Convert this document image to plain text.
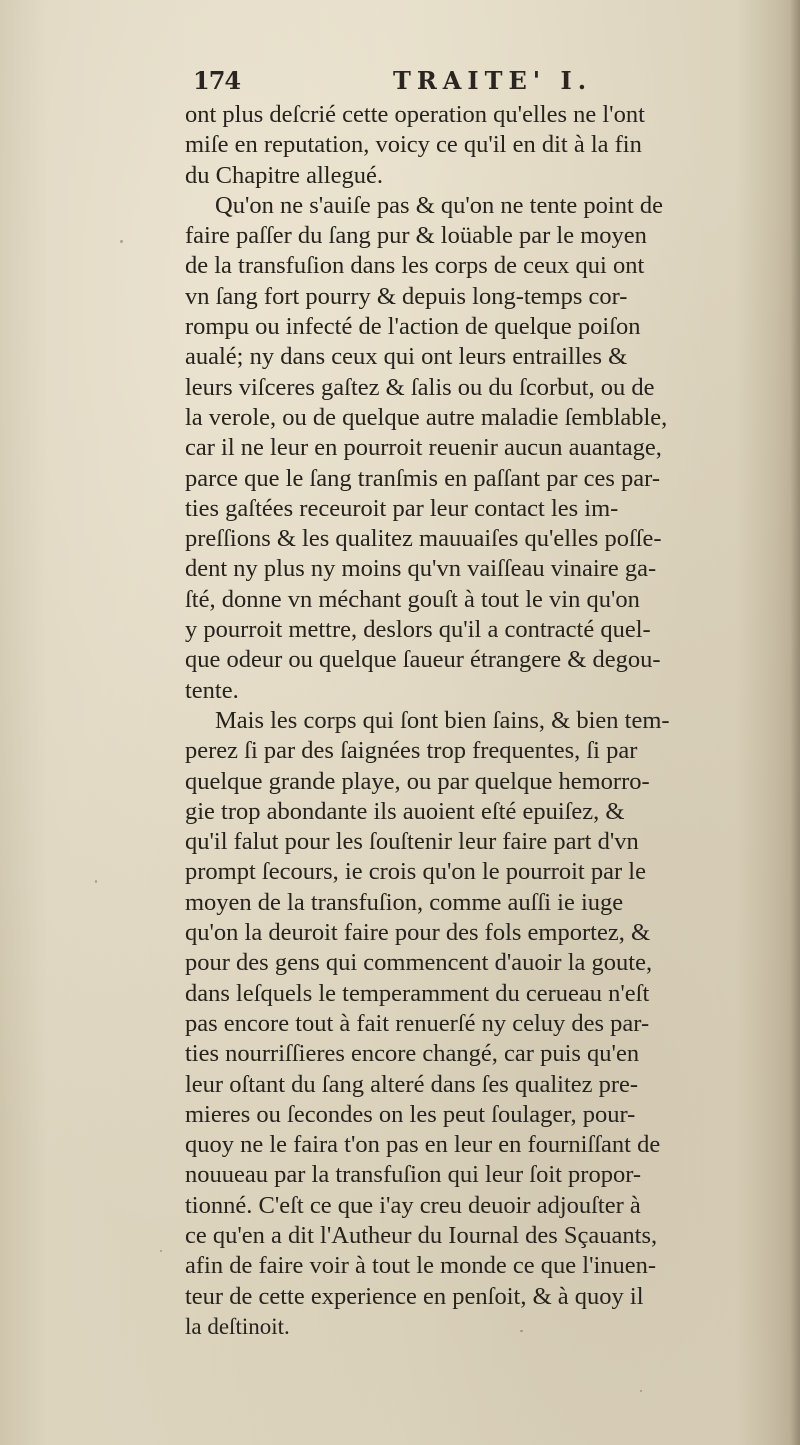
174	TRAITE' I.
ont plus deſcrié cette operation qu'elles ne l'ont
miſe en reputation, voicy ce qu'il en dit à la fin
du Chapitre allegué.
Qu'on ne s'auiſe pas & qu'on ne tente point de
faire paſſer du ſang pur & loüable par le moyen
de la transfuſion dans les corps de ceux qui ont
vn ſang fort pourry & depuis long-temps cor-
rompu ou infecté de l'action de quelque poiſon
aualé; ny dans ceux qui ont leurs entrailles &
leurs viſceres gaſtez & ſalis ou du ſcorbut, ou de
la verole, ou de quelque autre maladie ſemblable,
car il ne leur en pourroit reuenir aucun auantage,
parce que le ſang tranſmis en paſſant par ces par-
ties gaſtées receuroit par leur contact les im-
preſſions & les qualitez mauuaiſes qu'elles poſſe-
dent ny plus ny moins qu'vn vaiſſeau vinaire ga-
ſté, donne vn méchant gouſt à tout le vin qu'on
y pourroit mettre, deslors qu'il a contracté quel-
que odeur ou quelque ſaueur étrangere & degou-
tente.
Mais les corps qui ſont bien ſains, & bien tem-
perez ſi par des ſaignées trop frequentes, ſi par
quelque grande playe, ou par quelque hemorro-
gie trop abondante ils auoient eſté epuiſez, &
qu'il falut pour les ſouſtenir leur faire part d'vn
prompt ſecours, ie crois qu'on le pourroit par le
moyen de la transfuſion, comme auſſi ie iuge
qu'on la deuroit faire pour des fols emportez, &
pour des gens qui commencent d'auoir la goute,
dans leſquels le temperamment du cerueau n'eſt
pas encore tout à fait renuerſé ny celuy des par-
ties nourriſſieres encore changé, car puis qu'en
leur oſtant du ſang alteré dans ſes qualitez pre-
mieres ou ſecondes on les peut ſoulager, pour-
quoy ne le faira t'on pas en leur en fourniſſant de
nouueau par la transfuſion qui leur ſoit propor-
tionné. C'eſt ce que i'ay creu deuoir adjouſter à
ce qu'en a dit l'Autheur du Iournal des Sçauants,
afin de faire voir à tout le monde ce que l'inuen-
teur de cette experience en penſoit, & à quoy il
la deſtinoit.
